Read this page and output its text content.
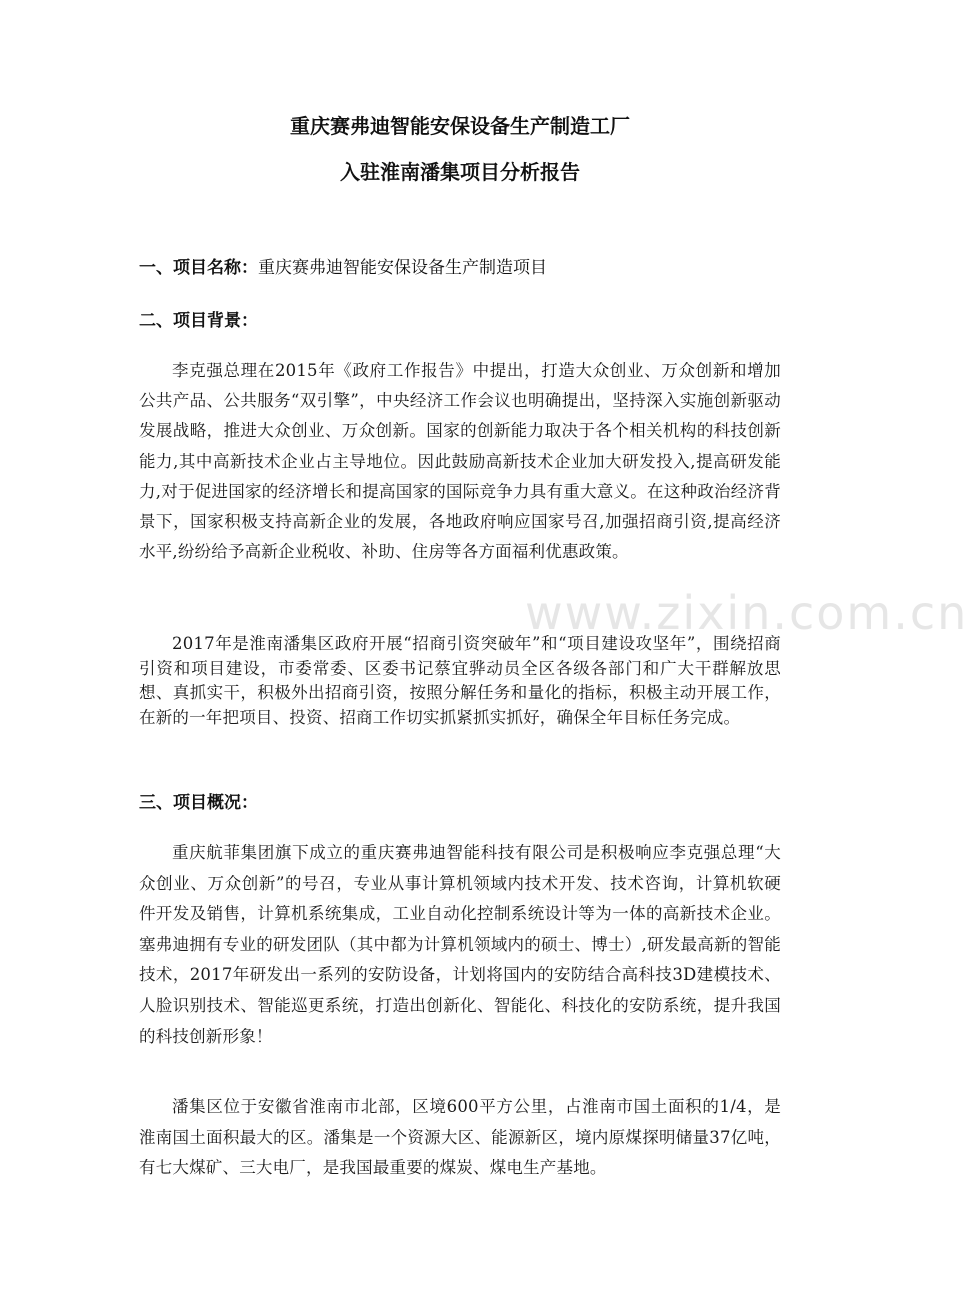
www.zixin.com.cn
重庆赛弗迪智能安保设备生产制造工厂
入驻淮南潘集项目分析报告
一、项目名称：重庆赛弗迪智能安保设备生产制造项目
二、项目背景：

李克强总理在2015年《政府工作报告》中提出，打造大众创业、万众创新和增加公共产品、公共服务“双引擎”，中央经济工作会议也明确提出，坚持深入实施创新驱动发展战略，推进大众创业、万众创新。国家的创新能力取决于各个相关机构的科技创新能力,其中高新技术企业占主导地位。因此鼓励高新技术企业加大研发投入,提高研发能力,对于促进国家的经济增长和提高国家的国际竞争力具有重大意义。在这种政治经济背景下，国家积极支持高新企业的发展，各地政府响应国家号召,加强招商引资,提高经济水平,纷纷给予高新企业税收、补助、住房等各方面福利优惠政策。

2017年是淮南潘集区政府开展“招商引资突破年”和“项目建设攻坚年”，围绕招商引资和项目建设，市委常委、区委书记蔡宜骅动员全区各级各部门和广大干群解放思想、真抓实干，积极外出招商引资，按照分解任务和量化的指标，积极主动开展工作，在新的一年把项目、投资、招商工作切实抓紧抓实抓好，确保全年目标任务完成。

三、项目概况：

重庆航菲集团旗下成立的重庆赛弗迪智能科技有限公司是积极响应李克强总理“大众创业、万众创新”的号召，专业从事计算机领域内技术开发、技术咨询，计算机软硬件开发及销售，计算机系统集成，工业自动化控制系统设计等为一体的高新技术企业。塞弗迪拥有专业的研发团队（其中都为计算机领域内的硕士、博士）,研发最高新的智能技术，2017年研发出一系列的安防设备，计划将国内的安防结合高科技3D建模技术、人脸识别技术、智能巡更系统，打造出创新化、智能化、科技化的安防系统，提升我国的科技创新形象！

潘集区位于安徽省淮南市北部，区境600平方公里，占淮南市国土面积的1/4，是淮南国土面积最大的区。潘集是一个资源大区、能源新区，境内原煤探明储量37亿吨，有七大煤矿、三大电厂，是我国最重要的煤炭、煤电生产基地。
